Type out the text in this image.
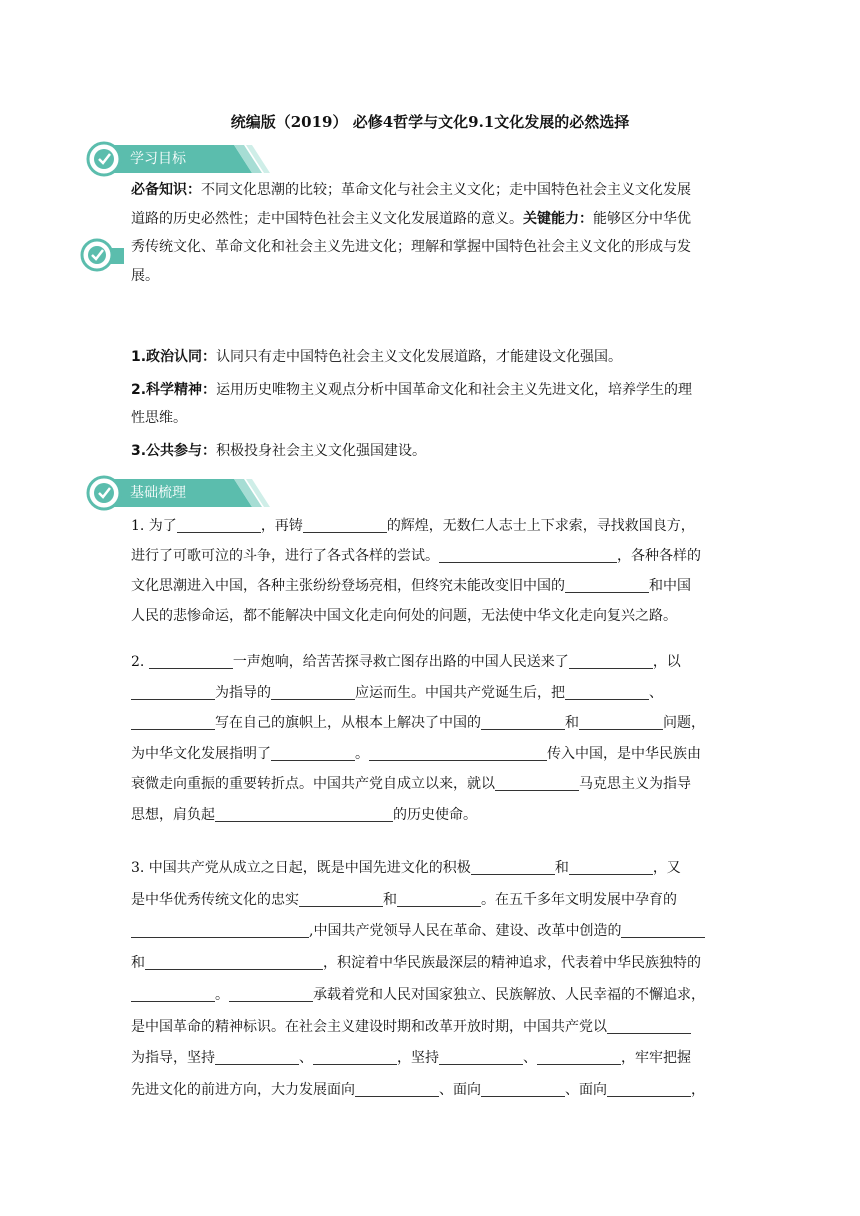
统编版（2019） 必修4哲学与文化9.1文化发展的必然选择
学习目标
必备知识：不同文化思潮的比较；革命文化与社会主义文化；走中国特色社会主义文化发展
道路的历史必然性；走中国特色社会主义文化发展道路的意义。关键能力：能够区分中华优
秀传统文化、革命文化和社会主义先进文化；理解和掌握中国特色社会主义文化的形成与发
展。
1.政治认同：认同只有走中国特色社会主义文化发展道路，才能建设文化强国。
2.科学精神：运用历史唯物主义观点分析中国革命文化和社会主义先进文化，培养学生的理
性思维。
3.公共参与：积极投身社会主义文化强国建设。
基础梳理
1. 为了	，再铸	的辉煌，无数仁人志士上下求索，寻找救国良方，
进行了可歌可泣的斗争，进行了各式各样的尝试。	，各种各样的
文化思潮进入中国，各种主张纷纷登场亮相，但终究未能改变旧中国的	和中国
人民的悲惨命运，都不能解决中国文化走向何处的问题，无法使中华文化走向复兴之路。
2.	一声炮响，给苦苦探寻救亡图存出路的中国人民送来了	，以
为指导的	应运而生。中国共产党诞生后，把	、
写在自己的旗帜上，从根本上解决了中国的	和	问题，
为中华文化发展指明了	。	传入中国，是中华民族由
衰微走向重振的重要转折点。中国共产党自成立以来，就以	马克思主义为指导
思想，肩负起	的历史使命。
3. 中国共产党从成立之日起，既是中国先进文化的积极	和	，又
是中华优秀传统文化的忠实	和	。在五千多年文明发展中孕育的
,中国共产党领导人民在革命、建设、改革中创造的
和	，积淀着中华民族最深层的精神追求，代表着中华民族独特的
。	承载着党和人民对国家独立、民族解放、人民幸福的不懈追求，
是中国革命的精神标识。在社会主义建设时期和改革开放时期，中国共产党以
为指导，坚持	、	，坚持	、	，牢牢把握
先进文化的前进方向，大力发展面向	、面向	、面向	，
